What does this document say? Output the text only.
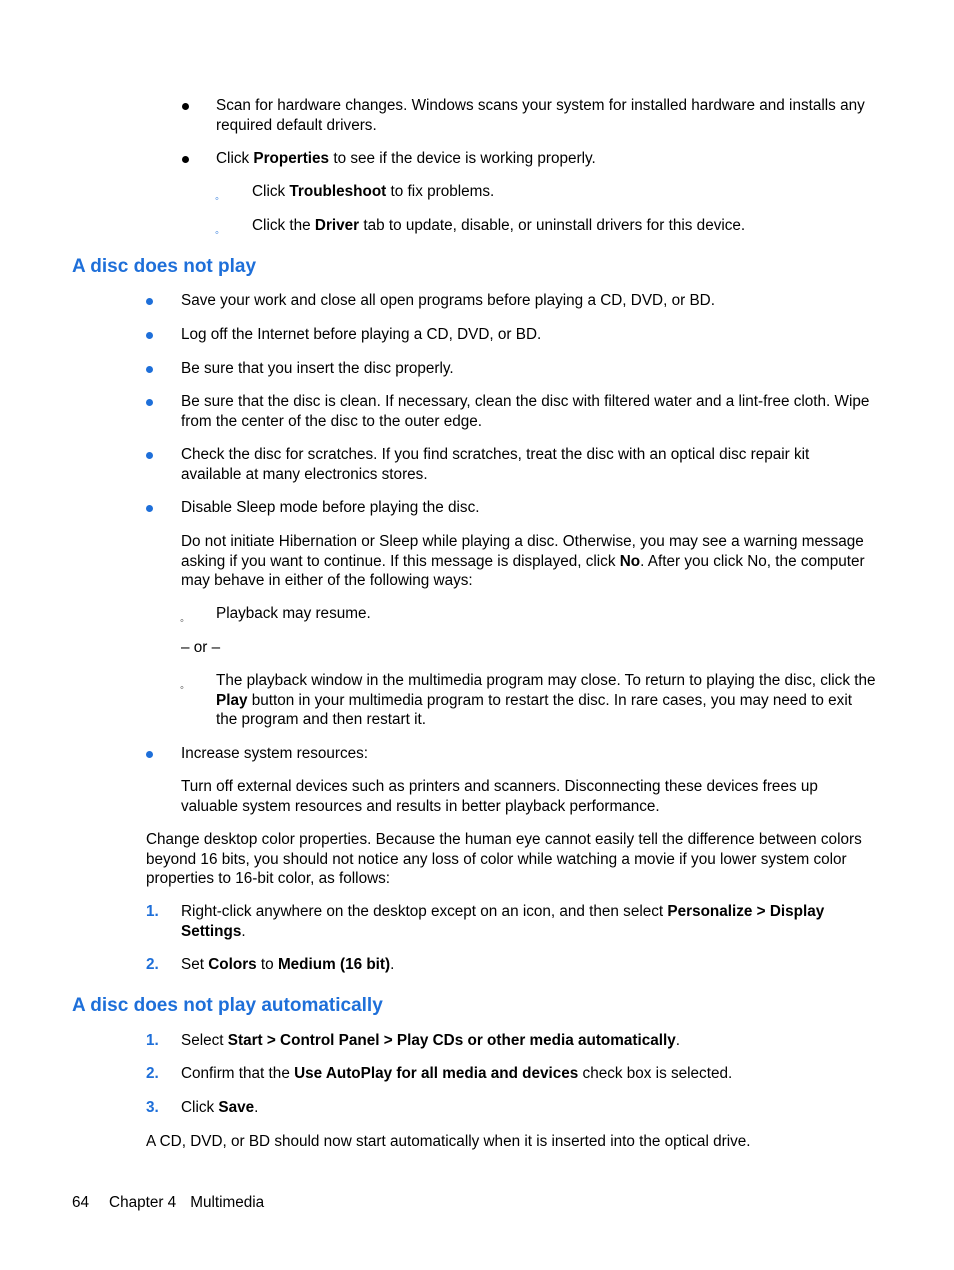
Scan for hardware changes. Windows scans your system for installed hardware and installs any required default drivers.
Click Properties to see if the device is working properly.
◦ Click Troubleshoot to fix problems.
◦ Click the Driver tab to update, disable, or uninstall drivers for this device.
A disc does not play
Save your work and close all open programs before playing a CD, DVD, or BD.
Log off the Internet before playing a CD, DVD, or BD.
Be sure that you insert the disc properly.
Be sure that the disc is clean. If necessary, clean the disc with filtered water and a lint-free cloth. Wipe from the center of the disc to the outer edge.
Check the disc for scratches. If you find scratches, treat the disc with an optical disc repair kit available at many electronics stores.
Disable Sleep mode before playing the disc.
Do not initiate Hibernation or Sleep while playing a disc. Otherwise, you may see a warning message asking if you want to continue. If this message is displayed, click No. After you click No, the computer may behave in either of the following ways:
◦ Playback may resume.
– or –
◦ The playback window in the multimedia program may close. To return to playing the disc, click the Play button in your multimedia program to restart the disc. In rare cases, you may need to exit the program and then restart it.
Increase system resources:
Turn off external devices such as printers and scanners. Disconnecting these devices frees up valuable system resources and results in better playback performance.
Change desktop color properties. Because the human eye cannot easily tell the difference between colors beyond 16 bits, you should not notice any loss of color while watching a movie if you lower system color properties to 16-bit color, as follows:
1. Right-click anywhere on the desktop except on an icon, and then select Personalize > Display Settings.
2. Set Colors to Medium (16 bit).
A disc does not play automatically
1. Select Start > Control Panel > Play CDs or other media automatically.
2. Confirm that the Use AutoPlay for all media and devices check box is selected.
3. Click Save.
A CD, DVD, or BD should now start automatically when it is inserted into the optical drive.
64 Chapter 4 Multimedia
